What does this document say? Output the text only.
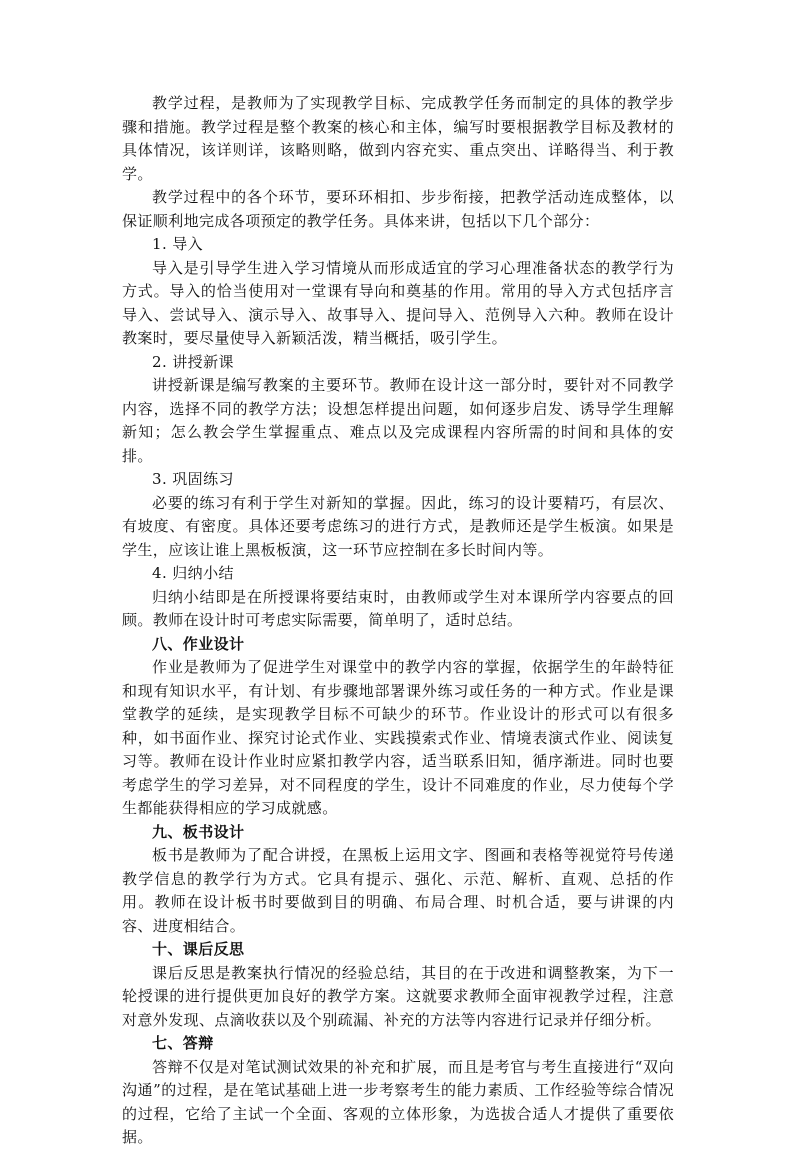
教学过程，是教师为了实现教学目标、完成教学任务而制定的具体的教学步骤和措施。教学过程是整个教案的核心和主体，编写时要根据教学目标及教材的具体情况，该详则详，该略则略，做到内容充实、重点突出、详略得当、利于教学。

教学过程中的各个环节，要环环相扣、步步衔接，把教学活动连成整体，以保证顺利地完成各项预定的教学任务。具体来讲，包括以下几个部分：

1. 导入

导入是引导学生进入学习情境从而形成适宜的学习心理准备状态的教学行为方式。导入的恰当使用对一堂课有导向和奠基的作用。常用的导入方式包括序言导入、尝试导入、演示导入、故事导入、提问导入、范例导入六种。教师在设计教案时，要尽量使导入新颖活泼，精当概括，吸引学生。

2. 讲授新课

讲授新课是编写教案的主要环节。教师在设计这一部分时，要针对不同教学内容，选择不同的教学方法；设想怎样提出问题，如何逐步启发、诱导学生理解新知；怎么教会学生掌握重点、难点以及完成课程内容所需的时间和具体的安排。

3. 巩固练习

必要的练习有利于学生对新知的掌握。因此，练习的设计要精巧，有层次、有坡度、有密度。具体还要考虑练习的进行方式，是教师还是学生板演。如果是学生，应该让谁上黑板板演，这一环节应控制在多长时间内等。

4. 归纳小结

归纳小结即是在所授课将要结束时，由教师或学生对本课所学内容要点的回顾。教师在设计时可考虑实际需要，简单明了，适时总结。

八、作业设计

作业是教师为了促进学生对课堂中的教学内容的掌握，依据学生的年龄特征和现有知识水平，有计划、有步骤地部署课外练习或任务的一种方式。作业是课堂教学的延续，是实现教学目标不可缺少的环节。作业设计的形式可以有很多种，如书面作业、探究讨论式作业、实践摸索式作业、情境表演式作业、阅读复习等。教师在设计作业时应紧扣教学内容，适当联系旧知，循序渐进。同时也要考虑学生的学习差异，对不同程度的学生，设计不同难度的作业，尽力使每个学生都能获得相应的学习成就感。

九、板书设计

板书是教师为了配合讲授，在黑板上运用文字、图画和表格等视觉符号传递教学信息的教学行为方式。它具有提示、强化、示范、解析、直观、总括的作用。教师在设计板书时要做到目的明确、布局合理、时机合适，要与讲课的内容、进度相结合。

十、课后反思

课后反思是教案执行情况的经验总结，其目的在于改进和调整教案，为下一轮授课的进行提供更加良好的教学方案。这就要求教师全面审视教学过程，注意对意外发现、点滴收获以及个别疏漏、补充的方法等内容进行记录并仔细分析。

七、答辩

答辩不仅是对笔试测试效果的补充和扩展，而且是考官与考生直接进行“双向沟通”的过程，是在笔试基础上进一步考察考生的能力素质、工作经验等综合情况的过程，它给了主试一个全面、客观的立体形象，为选拔合适人才提供了重要依据。
